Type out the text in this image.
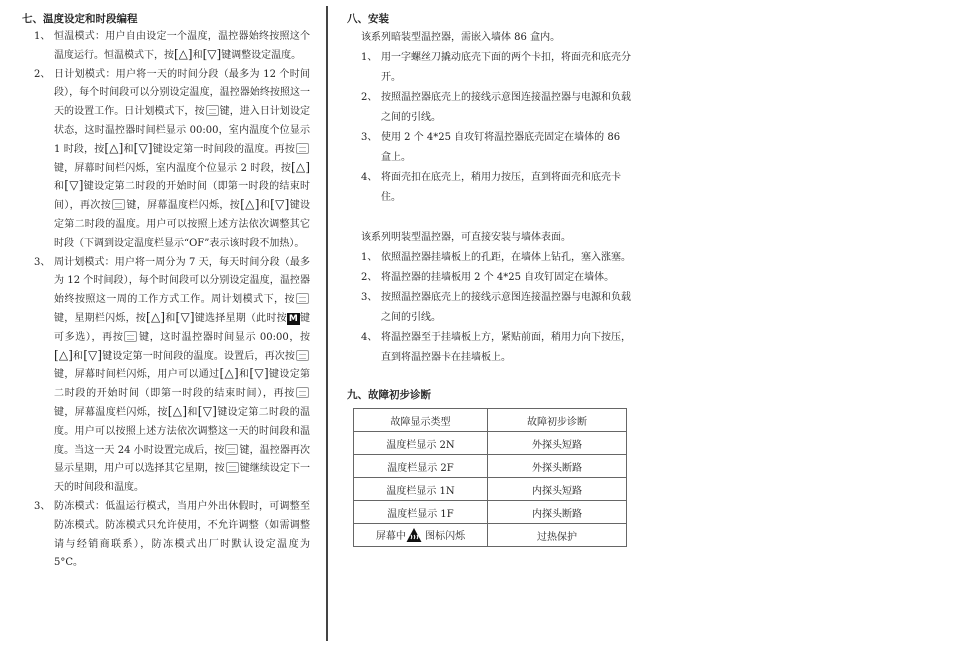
七、温度设定和时段编程
1、 恒温模式：用户自由设定一个温度，温控器始终按照这个温度运行。恒温模式下，按[△]和[▽]键调整设定温度。
2、 日计划模式：用户将一天的时间分段（最多为 12 个时间段），每个时间段可以分别设定温度，温控器始终按照这一天的设置工作。日计划模式下，按 键，进入日计划设定状态，这时温控器时间栏显示 00:00，室内温度个位显示 1 时段，按[△]和[▽]键设定第一时间段的温度。再按键，屏幕时间栏闪烁，室内温度个位显示 2 时段，按[△]和[▽]键设定第二时段的开始时间（即第一时段的结束时间），再次按 键，屏幕温度栏闪烁，按[△]和[▽]键设定第二时段的温度。用户可以按照上述方法依次调整其它时段（下调到设定温度栏显示“OF”表示该时段不加热）。
3、 周计划模式：用户将一周分为 7 天，每天时间分段（最多为 12 个时间段），每个时间段可以分别设定温度，温控器始终按照这一周的工作方式工作。周计划模式下，按键，星期栏闪烁，按[△]和[▽]键选择星期（此时按 M 键可多选），再按 键，这时温控器时间显示 00:00，按[△]和[▽]键设定第一时间段的温度。设置后，再次按键，屏幕时间栏闪烁，用户可以通过[△]和[▽]键设定第二时段的开始时间（即第一时段的结束时间），再按键，屏幕温度栏闪烁，按[△]和[▽]键设定第二时段的温度。用户可以按照上述方法依次调整这一天的时间段和温度。当这一天 24 小时设置完成后，按 键，温控器再次显示星期，用户可以选择其它星期，按 键继续设定下一天的时间段和温度。
3、 防冻模式：低温运行模式，当用户外出休假时，可调整至防冻模式。防冻模式只允许使用，不允许调整（如需调整请与经销商联系），防冻模式出厂时默认设定温度为 5°C。
八、安装
该系列暗装型温控器，需嵌入墙体 86 盒内。
1、 用一字螺丝刀撬动底壳下面的两个卡扣，将面壳和底壳分开。
2、 按照温控器底壳上的接线示意图连接温控器与电源和负载之间的引线。
3、 使用 2 个 4*25 自攻钉将温控器底壳固定在墙体的 86 盒上。
4、 将面壳扣在底壳上，稍用力按压，直到将面壳和底壳卡住。
该系列明装型温控器，可直接安装与墙体表面。
1、 依照温控器挂墙板上的孔距，在墙体上钻孔，塞入涨塞。
2、 将温控器的挂墙板用 2 个 4*25 自攻钉固定在墙体。
3、 按照温控器底壳上的接线示意图连接温控器与电源和负载之间的引线。
4、 将温控器至于挂墙板上方，紧贴前面，稍用力向下按压，直到将温控器卡在挂墙板上。
九、故障初步诊断
故障显示类型	故障初步诊断
温度栏显示 2N	外探头短路
温度栏显示 2F	外探头断路
温度栏显示 1N	内探头短路
温度栏显示 1F	内探头断路
屏幕中 图标闪烁	过热保护
